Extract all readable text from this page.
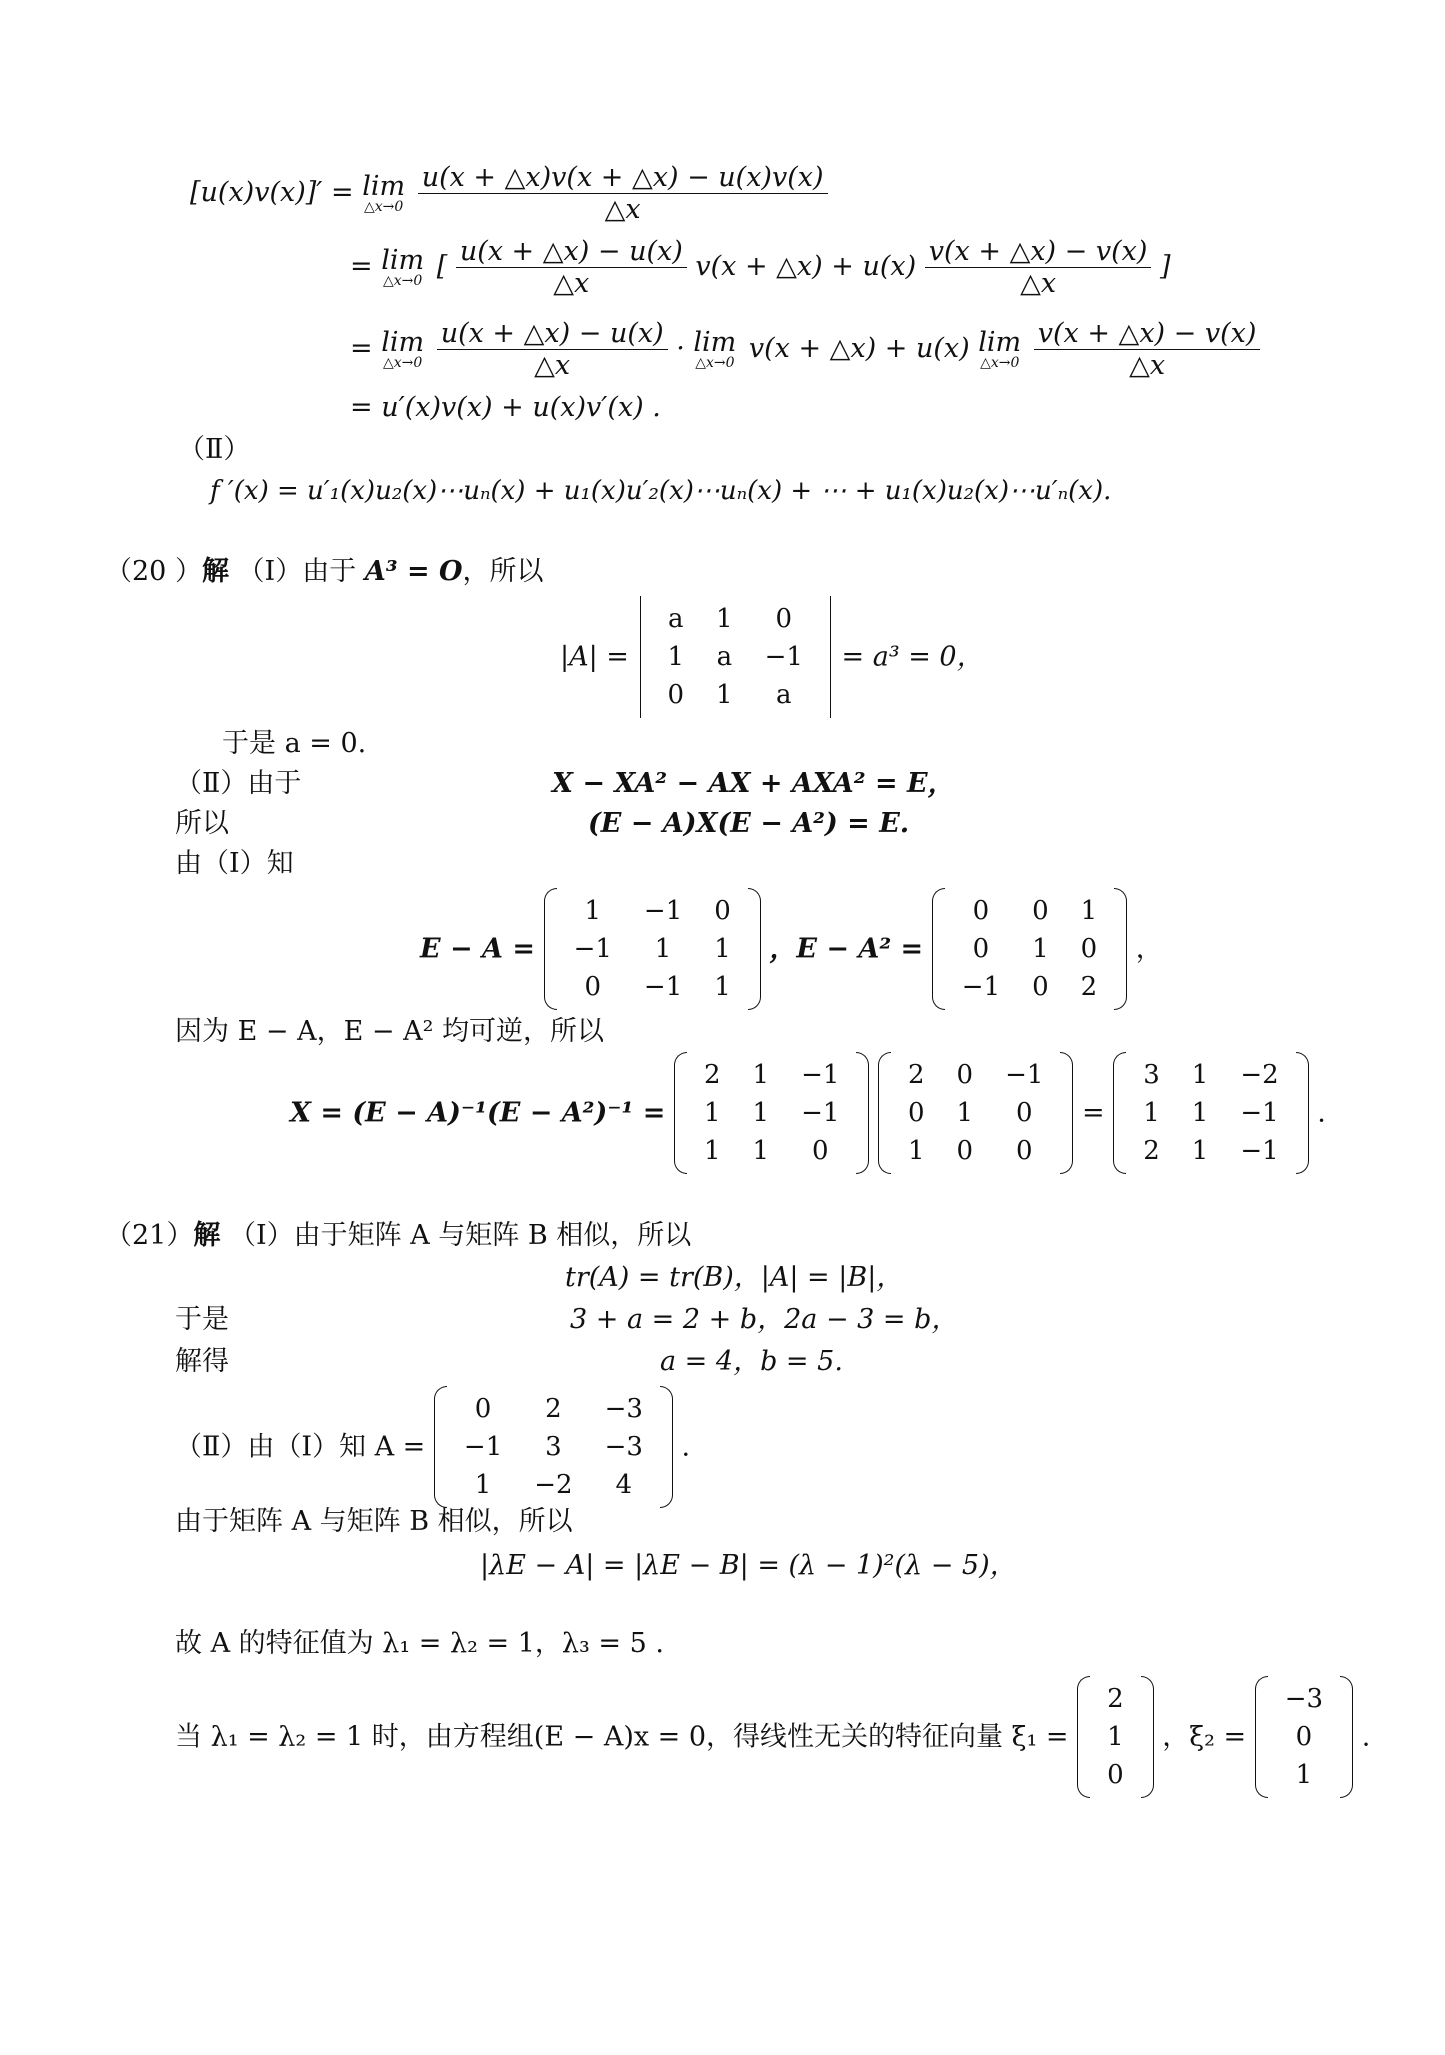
[u(x)v(x)]′ = lim
△x→0
$\frac{u(x + \triangle x)v(x + \triangle x) - u(x)v(x)}{\triangle x}$
= lim
△x→0 [ $\frac{u(x + \triangle x) - u(x)}{\triangle x} v(x$ + △x) + $u(x) \frac{v(x + \triangle x) - v(x)}{\triangle x}$ ]
= lim
△x→0
$\frac{u(x + \triangle x) - u(x)}{\triangle x} \cdot \lim$
△x→0 v(x + △x) + u(x) lim
△x→0
$\frac{v(x + \triangle x) - v(x)}{\triangle x}$
= u′(x)v(x) + u(x)v′(x) .
（Ⅱ）
f ′(x) = u′₁(x)u₂(x)⋯uₙ(x) + u₁(x)u′₂(x)⋯uₙ(x) + ⋯ + u₁(x)u₂(x)⋯u′ₙ(x).
（20 ）解 （Ⅰ）由于 A³ = O，所以
|A| =
a	1	0
1	a	−1
0	1	a
= a³ = 0，
于是 a = 0.
（Ⅱ）由于	X − XA² − AX + AXA² = E，
所以	(E − A)X(E − A²) = E.
由（Ⅰ）知
E − A =
1	−1	0
−1	1	1
0	−1	1
，E − A² =
0	0	1
0	1	0
−1	0	2
，
因为 E − A，E − A² 均可逆，所以
X = (E − A)⁻¹(E − A²)⁻¹ =
2	1	−1
1	1	−1
1	1	0

2	0	−1
0	1	0
1	0	0
=
3	1	−2
1	1	−1
2	1	−1
.
（21）解 （Ⅰ）由于矩阵 A 与矩阵 B 相似，所以
tr(A) = tr(B)，|A| = |B|，
于是	3 + a = 2 + b，2a − 3 = b，
解得	a = 4，b = 5.
（Ⅱ）由（Ⅰ）知 A =
0	2	−3
−1	3	−3
1	−2	4
.
由于矩阵 A 与矩阵 B 相似，所以
|λE − A| = |λE − B| = (λ − 1)²(λ − 5)，
故 A 的特征值为 λ₁ = λ₂ = 1，λ₃ = 5 .
当 λ₁ = λ₂ = 1 时，由方程组(E − A)x = 0，得线性无关的特征向量 ξ₁ =
2
1
0
，ξ₂ =
−3
0
1
.
